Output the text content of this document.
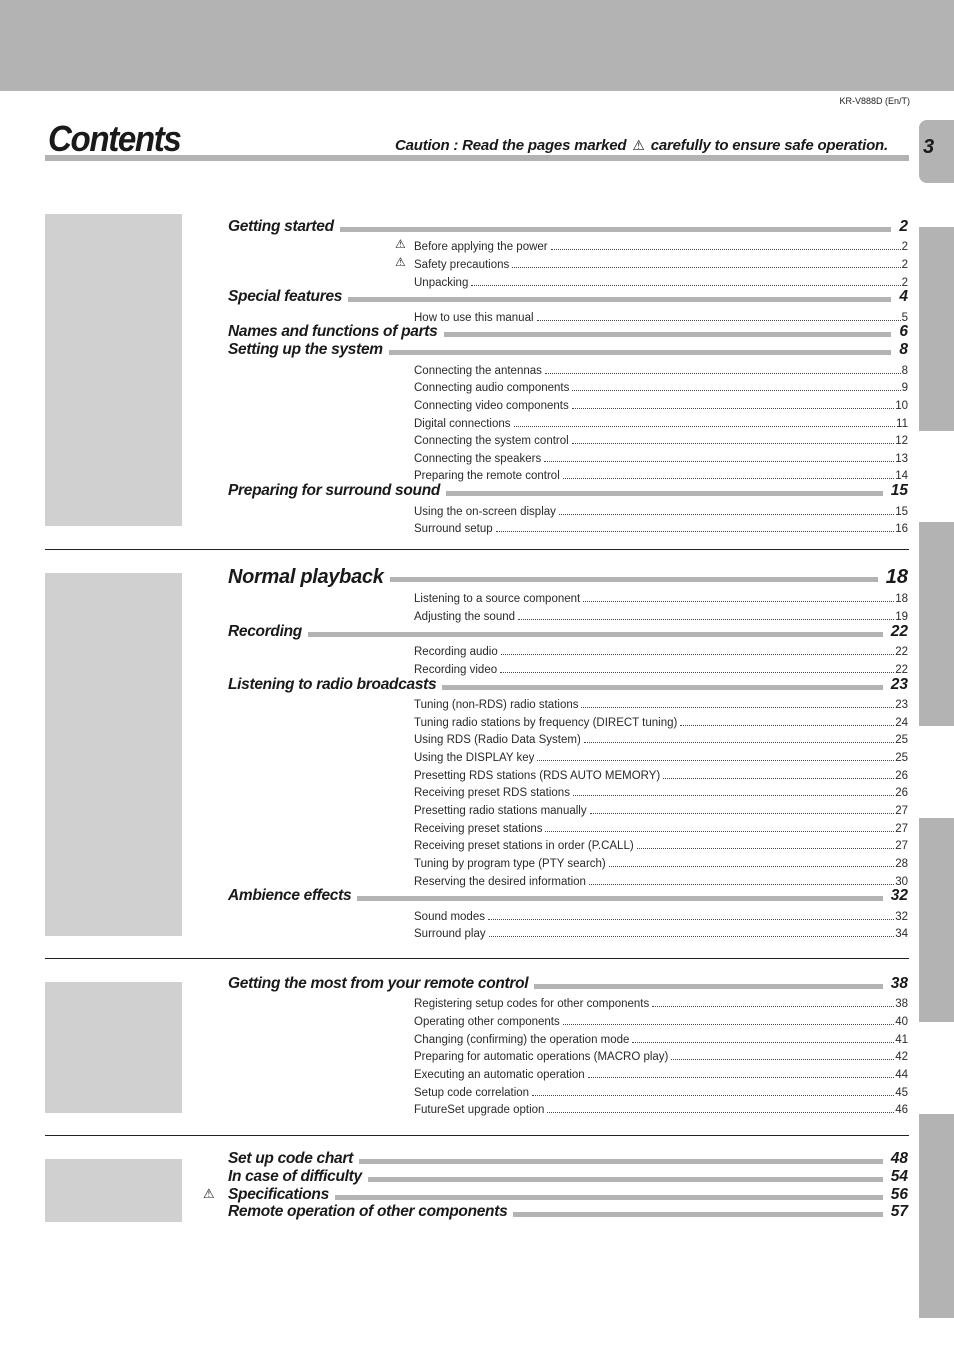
KR-V888D (En/T)
Contents	Caution : Read the pages marked ⚠ carefully to ensure safe operation. 3
Getting started	2
⚠ Before applying the power	2
⚠ Safety precautions	2
Unpacking	2
Special features	4
How to use this manual	5
Names and functions of parts	6
Setting up the system	8
Connecting the antennas	8
Connecting audio components	9
Connecting video components	10
Digital connections	11
Connecting the system control	12
Connecting the speakers	13
Preparing the remote control	14
Preparing for surround sound	15
Using the on-screen display	15
Surround setup	16
Normal playback	18
Listening to a source component	18
Adjusting the sound	19
Recording	22
Recording audio	22
Recording video	22
Listening to radio broadcasts	23
Tuning (non-RDS) radio stations	23
Tuning radio stations by frequency (DIRECT tuning)	24
Using RDS (Radio Data System)	25
Using the DISPLAY key	25
Presetting RDS stations (RDS AUTO MEMORY)	26
Receiving preset RDS stations	26
Presetting radio stations manually	27
Receiving preset stations	27
Receiving preset stations in order (P.CALL)	27
Tuning by program type (PTY search)	28
Reserving the desired information	30
Ambience effects	32
Sound modes	32
Surround play	34
Getting the most from your remote control	38
Registering setup codes for other components	38
Operating other components	40
Changing (confirming) the operation mode	41
Preparing for automatic operations (MACRO play)	42
Executing an automatic operation	44
Setup code correlation	45
FutureSet upgrade option	46
Set up code chart	48
In case of difficulty	54
⚠ Specifications	56
Remote operation of other components	57
